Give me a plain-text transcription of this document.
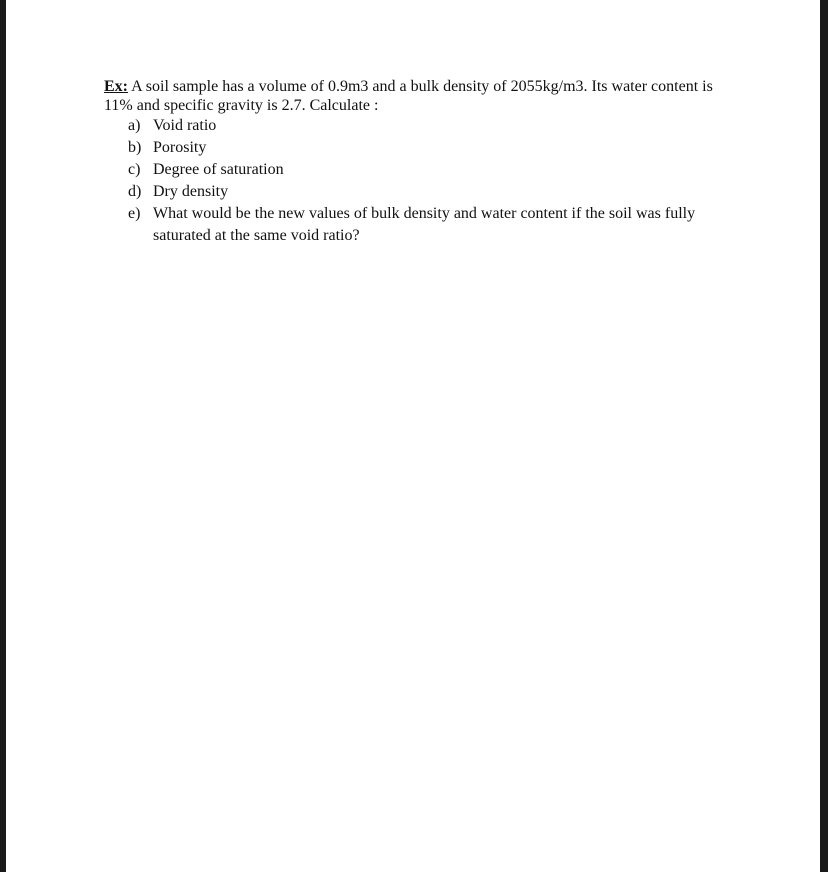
Ex: A soil sample has a volume of 0.9m3 and a bulk density of 2055kg/m3. Its water content is 11% and specific gravity is 2.7. Calculate :

a) Void ratio
b) Porosity
c) Degree of saturation
d) Dry density
e) What would be the new values of bulk density and water content if the soil was fully saturated at the same void ratio?
